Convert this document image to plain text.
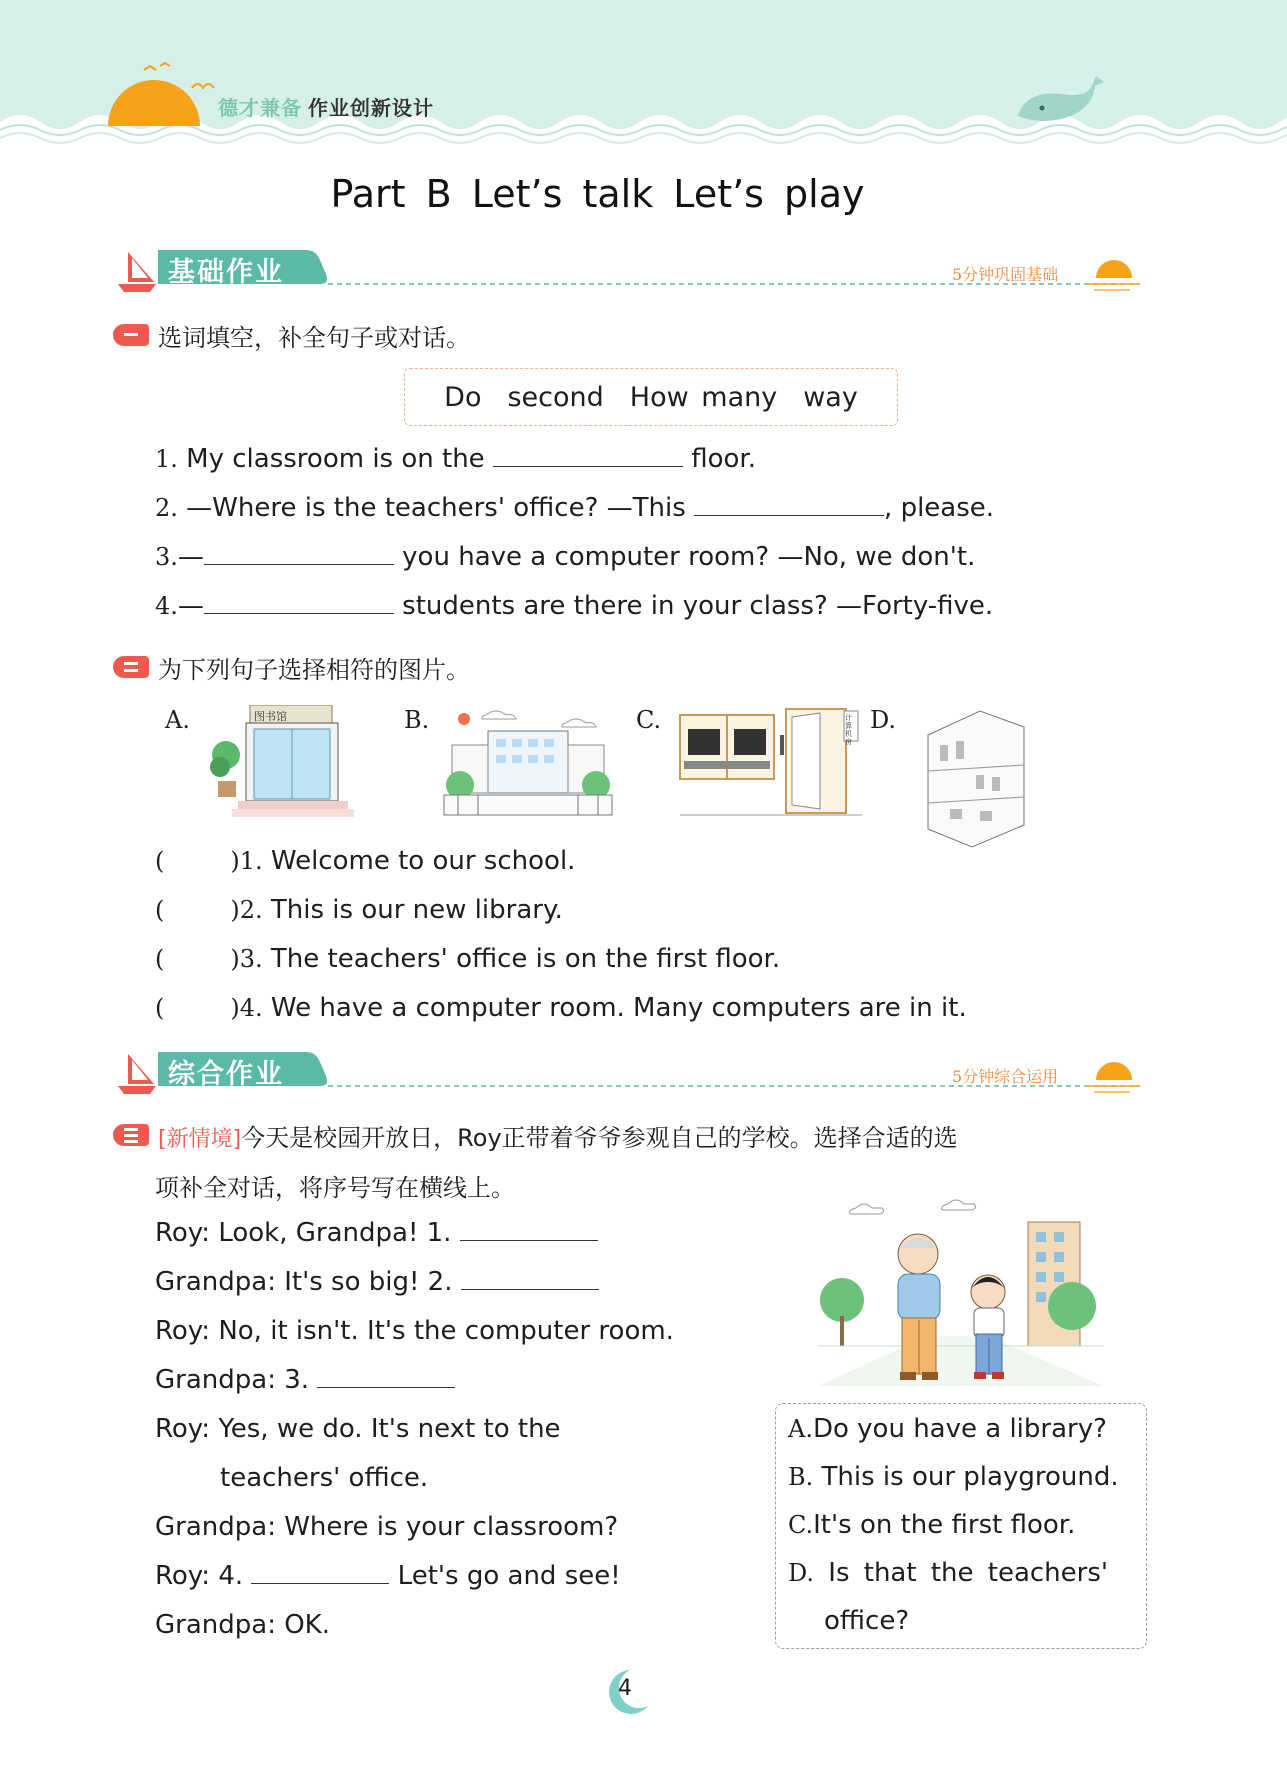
德才兼备 作业创新设计
Part B Let’s talk Let’s play
基础作业	5分钟巩固基础
选词填空，补全句子或对话。
Do second How many way
1. My classroom is on the	floor.
2. —Where is the teachers' office? —This	, please.
3.—	you have a computer room? —No, we don't.
4.—	students are there in your class? —Forty-five.
为下列句子选择相符的图片。
A.	B.	C.	D.
图书馆	计算机房
(	)1. Welcome to our school.
(	)2. This is our new library.
(	)3. The teachers' office is on the first floor.
(	)4. We have a computer room. Many computers are in it.
综合作业	5分钟综合运用
[新情境]今天是校园开放日，Roy正带着爷爷参观自己的学校。选择合适的选
项补全对话，将序号写在横线上。
Roy: Look, Grandpa! 1.
Grandpa: It's so big! 2.
Roy: No, it isn't. It's the computer room.
Grandpa: 3.
Roy: Yes, we do. It's next to the
teachers' office.
Grandpa: Where is your classroom?
Roy: 4.	Let's go and see!
Grandpa: OK.
A.Do you have a library?
B. This is our playground.
C.It's on the first floor.
D. Is that the teachers'
office?
4
